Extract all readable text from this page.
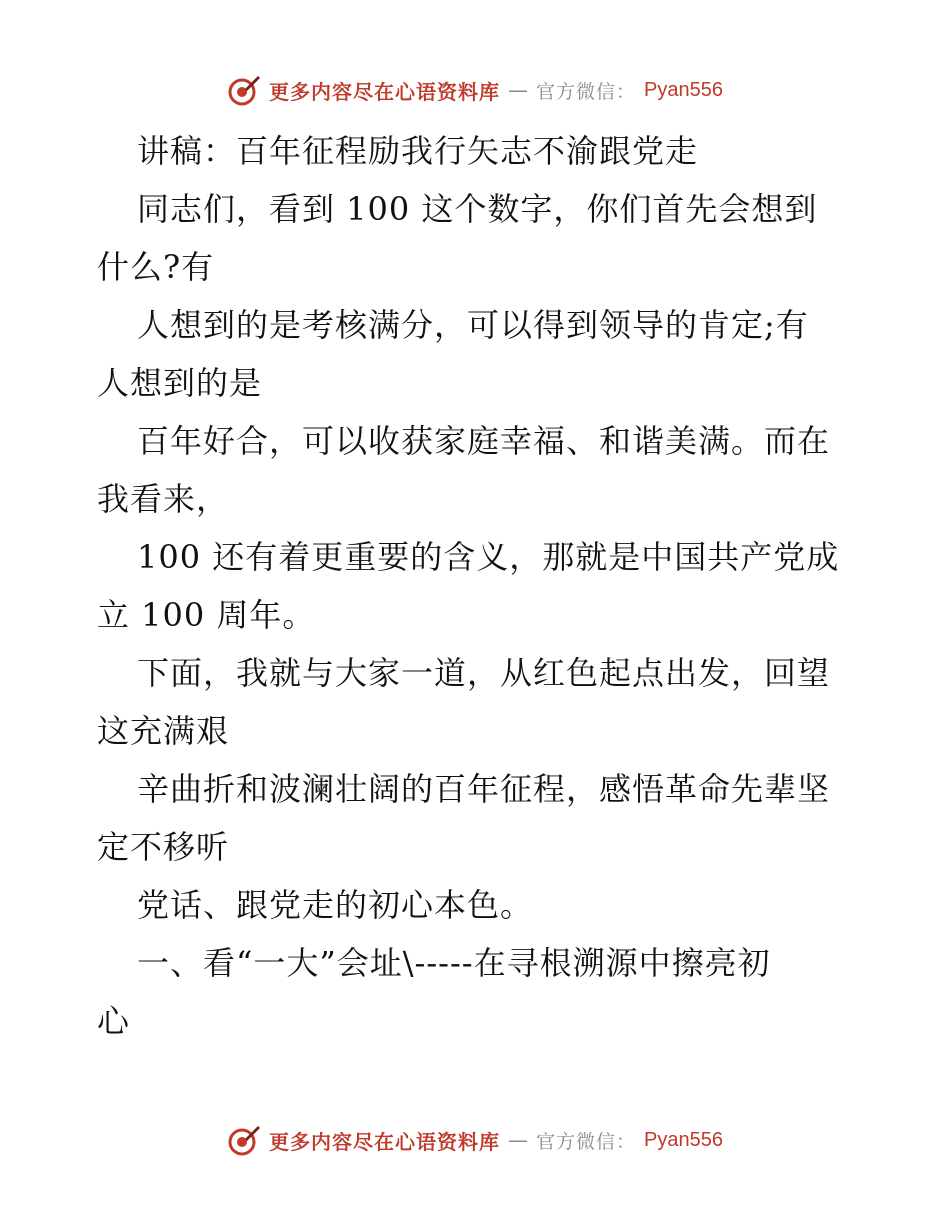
更多内容尽在心语资料库 — 官方微信： Pyan556
讲稿：百年征程励我行矢志不渝跟党走
同志们，看到 100 这个数字，你们首先会想到
什么?有
人想到的是考核满分，可以得到领导的肯定;有
人想到的是
百年好合，可以收获家庭幸福、和谐美满。而在
我看来，
100 还有着更重要的含义，那就是中国共产党成
立 100 周年。
下面，我就与大家一道，从红色起点出发，回望
这充满艰
辛曲折和波澜壮阔的百年征程，感悟革命先辈坚
定不移听
党话、跟党走的初心本色。
一、看“一大”会址\-----在寻根溯源中擦亮初
心
更多内容尽在心语资料库 — 官方微信： Pyan556
